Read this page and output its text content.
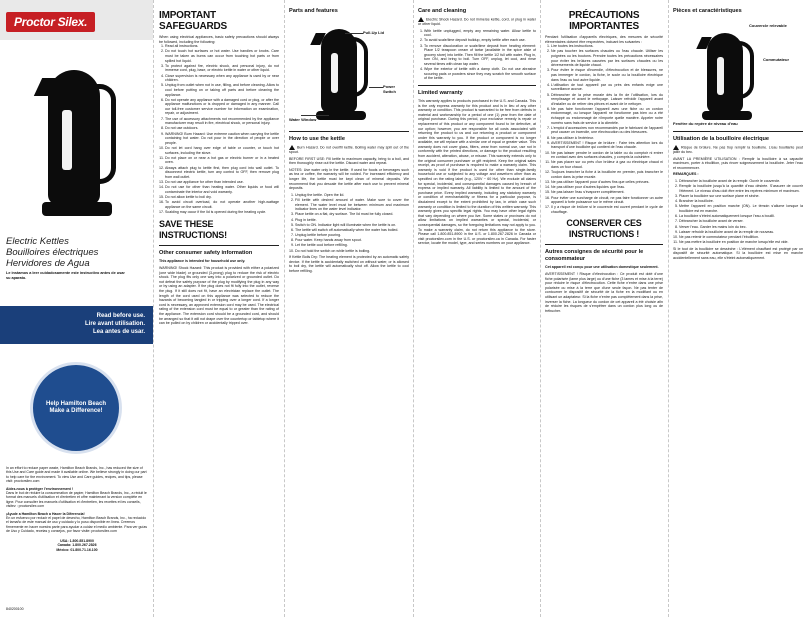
Proctor Silex.
Electric Kettles
Bouilloires électriques
Hervidores de Agua
Le instamos a leer cuidadosamente este instructivo antes de usar su aparato.
Read before use.
Lire avant utilisation.
Lea antes de usar.
Help Hamilton Beach Make a Difference!

In an effort to reduce paper waste, Hamilton Beach Brands, Inc., has reduced the size of this Use and Care guide and made it available online. We believe strongly in doing our part to help care for the environment. To view Use and Care guides, recipes, and tips, please visit: proctorsilex.com

Aidez-nous à protéger l'environnement !

Dans le but de réduire la consommation de papier, Hamilton Beach Brands, Inc., a réduit le format des manuels d'utilisation et d'entretien et offre maintenant la version complète en ligne. Pour consulter les manuels d'utilisation et d'entretien, les recettes et les conseils, visitez : proctorsilex.com

¡Ayude a Hamilton Beach a Hacer la Diferencia!

En un esfuerzo por reducir el papel de desecho, Hamilton Beach Brands, Inc., ha reducido el tamaño de este manual de uso y cuidado y lo puso disponible en línea. Creemos firmemente en hacer nuestra parte para ayudar a cuidar el medio ambiente. Para ver guías de Uso y Cuidado, recetas y consejos, por favor visite: proctorsilex.com

USA: 1.800.851.8900

Canada: 1.800.267.2826

México: 01.800.71.16.100

840200100
IMPORTANT SAFEGUARDS

When using electrical appliances, basic safety precautions should always be followed, including the following:

1. Read all instructions.
2. Do not touch hot surfaces or hot water. Use handles or knobs. Care must be taken as burns can occur from touching hot parts or from spilled hot liquid.
3. To protect against fire, electric shock, and personal injury, do not immerse cord, plug, base, or electric kettle in water or other liquid.
4. Close supervision is necessary when any appliance is used by or near children.
5. Unplug from outlet when not in use, filling, and before cleaning. Allow to cool before putting on or taking off parts and before cleaning the appliance.
6. Do not operate any appliance with a damaged cord or plug, or after the appliance malfunctions or is dropped or damaged in any manner. Call our toll-free customer service number for information on examination, repair, or adjustment.
7. The use of accessory attachments not recommended by the appliance manufacturer may result in fire, electrical shock, or personal injury.
8. Do not use outdoors.
9. WARNING! Burn Hazard: Use extreme caution when carrying the kettle containing hot water. Do not pour in the direction of people or over people.
10. Do not let cord hang over edge of table or counter, or touch hot surfaces, including the stove.
11. Do not place on or near a hot gas or electric burner or in a heated oven.
12. Always attach plug to kettle first, then plug cord into wall outlet. To disconnect electric kettle, turn any control to OFF, then remove plug from wall outlet.
13. Do not use appliance for other than intended use.
14. Do not use for other than heating water. Other liquids or food will contaminate the interior and void warranty.
15. Do not allow kettle to boil dry.
16. To avoid circuit overload, do not operate another high-wattage appliance on the same circuit.
17. Scalding may occur if the lid is opened during the heating cycle.
SAVE THESE INSTRUCTIONS!
Other consumer safety information

This appliance is intended for household use only.

WARNING! Shock Hazard: This product is provided with either a polarized (one wide blade) or grounded (3-prong) plug to reduce the risk of electric shock. The plug fits only one way into a polarized or grounded outlet. Do not defeat the safety purpose of the plug by modifying the plug in any way or by using an adapter. If the plug does not fit fully into the outlet, reverse the plug. If it still does not fit, have an electrician replace the outlet. The length of the cord used on this appliance was selected to reduce the hazards of becoming tangled in or tripping over a longer cord. If a longer cord is necessary, an approved extension cord may be used. The electrical rating of the extension cord must be equal to or greater than the rating of the appliance. The extension cord should be a grounded cord, and should be arranged so that it will not drape over the countertop or tabletop where it can be pulled on by children or accidentally tripped over.

Parts and features
Pull-Up Lid
Power Switch
Water Window
How to use the kettle

Burn Hazard. Do not overfill kettle. Boiling water may spill out of the spout.

BEFORE FIRST USE: Fill kettle to maximum capacity, bring to a boil, and then thoroughly rinse out the kettle. Discard water and repeat.

NOTES: Use water only in the kettle. If used for foods or beverages such as tea or coffee, the warranty will be voided. For increased efficiency and longer life, the kettle must be kept clean of mineral deposits. We recommend that you descale the kettle after each use to prevent mineral deposits.

1. Unplug the kettle. Open the lid.
2. Fill kettle with desired amount of water. Make sure to cover the element. The water level must be between minimum and maximum indicator lines on the water level indicator.
3. Place kettle on a flat, dry surface. The lid must be fully closed.
4. Plug in kettle.
5. Switch to ON. Indicator light will illuminate when the kettle is on.
6. The kettle will switch off automatically when the water has boiled.
7. Unplug kettle before pouring.
8. Pour water. Keep hands away from spout.
9. Let the kettle cool before refilling.
10. Do not hold the switch on while kettle is boiling.

If Kettle Boils Dry: The heating element is protected by an automatic safety device. If the kettle is accidentally switched on without water, or is allowed to boil dry, the kettle will automatically shut off. Allow the kettle to cool before refilling.

Care and cleaning

Electric Shock Hazard. Do not immerse kettle, cord, or plug in water or other liquid.

1. With kettle unplugged, empty any remaining water. Allow kettle to cool.
2. To avoid scale/lime deposit buildup, empty kettle after each use.
3. To remove discoloration or scale/lime deposit from heating element: Place 1/2 teaspoon cream of tartar (available in the spice aisle of grocery store) into kettle. Then fill the kettle 1/2 full with water. Plug in, turn ON, and bring to boil. Turn OFF, unplug, let cool, and rinse several times with clean tap water.
4. Wipe the exterior of kettle with a damp cloth. Do not use abrasive scouring pads or powders since they may scratch the smooth surface of the kettle.
Limited warranty

This warranty applies to products purchased in the U.S. and Canada. This is the only express warranty for this product and is in lieu of any other warranty or condition. This product is warranted to be free from defects in material and workmanship for a period of one (1) year from the date of original purchase. During this period, your exclusive remedy is repair or replacement of this product or any component found to be defective, at our option; however, you are responsible for all costs associated with returning the product to us and our returning a product or component under this warranty to you. If the product or component is no longer available, we will replace with a similar one of equal or greater value. This warranty does not cover glass, filters, wear from normal use, use not in conformity with the printed directions, or damage to the product resulting from accident, alteration, abuse, or misuse. This warranty extends only to the original consumer purchaser or gift recipient. Keep the original sales receipt, as proof of purchase is required to make a warranty claim. This warranty is void if the product is used for other than single-family household use or subjected to any voltage and waveform other than as specified on the rating label (e.g., 120V ~ 60 Hz). We exclude all claims for special, incidental, and consequential damages caused by breach of express or implied warranty. All liability is limited to the amount of the purchase price. Every implied warranty, including any statutory warranty or condition of merchantability or fitness for a particular purpose, is disclaimed except to the extent prohibited by law, in which case such warranty or condition is limited to the duration of this written warranty. This warranty gives you specific legal rights. You may have other legal rights that vary depending on where you live. Some states or provinces do not allow limitations on implied warranties or special, incidental, or consequential damages, so the foregoing limitations may not apply to you. To make a warranty claim, do not return this appliance to the store. Please call 1.800.851.8900 in the U.S. or 1.800.267.2826 in Canada or visit proctorsilex.com in the U.S. or proctorsilex.ca in Canada. For faster service, locate the model, type, and series numbers on your appliance.

PRÉCAUTIONS IMPORTANTES

Pendant l'utilisation d'appareils électriques, des mesures de sécurité élémentaires doivent être respectées, incluant les suivantes :

1. Lire toutes les instructions.
2. Ne pas toucher les surfaces chaudes ou l'eau chaude. Utiliser les poignées ou les boutons. Prendre toutes les précautions nécessaires pour éviter les brûlures causées par les surfaces chaudes ou les déversements de liquide chaud.
3. Pour éviter le risque d'incendie, d'électrocution et de blessures, ne pas immerger le cordon, la fiche, le socle ou la bouilloire électrique dans l'eau ou tout autre liquide.
4. L'utilisation de tout appareil par ou près des enfants exige une surveillance accrue.
5. Débrancher de la prise murale dès la fin de l'utilisation, lors du remplissage et avant le nettoyage. Laisser refroidir l'appareil avant d'installer ou de retirer des pièces et avant de le nettoyer.
6. Ne pas faire fonctionner l'appareil avec une fiche ou un cordon endommagé, ou lorsque l'appareil ne fonctionne pas bien ou a été échappé ou endommagé de n'importe quelle manière. Appeler notre numéro sans frais de service à la clientèle.
7. L'emploi d'accessoires non recommandés par le fabricant de l'appareil peut causer un incendie, une électrocution ou des blessures.
8. Ne pas utiliser à l'extérieur.
9. AVERTISSEMENT ! Risque de brûlure : Faire très attention lors du transport d'une bouilloire qui contient de l'eau chaude.
10. Ne pas laisser pendre le cordon de la table ou du comptoir ni entrer en contact avec des surfaces chaudes, y compris la cuisinière.
11. Ne pas placer sur ou près d'un brûleur à gaz ou électrique chaud ni dans un four chaud.
12. Toujours brancher la fiche à la bouilloire en premier, puis brancher le cordon dans la prise murale.
13. Ne pas utiliser l'appareil pour d'autres fins que celles prévues.
14. Ne pas utiliser pour d'autres liquides que l'eau.
15. Ne pas laisser l'eau s'évaporer complètement.
16. Pour éviter une surcharge de circuit, ne pas faire fonctionner un autre appareil à forte puissance sur le même circuit.
17. Il y a risque de brûlure si le couvercle est ouvert pendant le cycle de chauffage.
CONSERVER CES INSTRUCTIONS !
Autres consignes de sécurité pour le consommateur

Cet appareil est conçu pour une utilisation domestique seulement.

AVERTISSEMENT ! Risque d'électrocution : Ce produit est doté d'une fiche polarisée (lame plus large) ou d'une fiche (3 lames et mise à la terre) pour réduire le risque d'électrocution. Cette fiche n'entre dans une prise polarisée ou mise à la terre que d'une seule façon. Ne pas tenter de contourner le dispositif de sécurité de la fiche en la modifiant ou en utilisant un adaptateur. Si la fiche n'entre pas complètement dans la prise, inverser la fiche. La longueur du cordon de cet appareil a été choisie afin de réduire les risques de s'empêtrer dans un cordon plus long ou de trébucher.

Pièces et caractéristiques
Couvercle relevable
Commutateur
Fenêtre du repère de niveau d'eau
Utilisation de la bouilloire électrique

Risque de brûlure. Ne pas trop remplir la bouilloire. L'eau bouillante peut jaillir du bec.

AVANT LA PREMIÈRE UTILISATION : Remplir la bouilloire à sa capacité maximum, porter à ébullition, puis rincer soigneusement la bouilloire. Jeter l'eau et recommencer.

REMARQUES :

1. Débrancher la bouilloire avant de la remplir. Ouvrir le couvercle.
2. Remplir la bouilloire jusqu'à la quantité d'eau désirée. S'assurer de couvrir l'élément. Le niveau d'eau doit être entre les repères minimum et maximum.
3. Placer la bouilloire sur une surface plane et sèche.
4. Brancher la bouilloire.
5. Mettre l'appareil en position marche (ON). Le témoin s'allume lorsque la bouilloire est en marche.
6. La bouilloire s'éteint automatiquement lorsque l'eau a bouilli.
7. Débrancher la bouilloire avant de verser.
8. Verser l'eau. Garder les mains loin du bec.
9. Laisser refroidir la bouilloire avant de la remplir de nouveau.
10. Ne pas retenir le commutateur pendant l'ébullition.
11. Ne pas mettre la bouilloire en position de marche lorsqu'elle est vide.

Si le tout de la bouilloire se dessèche : L'élément chauffant est protégé par un dispositif de sécurité automatique. Si la bouilloire est mise en marche accidentellement sans eau, elle s'éteint automatiquement.
